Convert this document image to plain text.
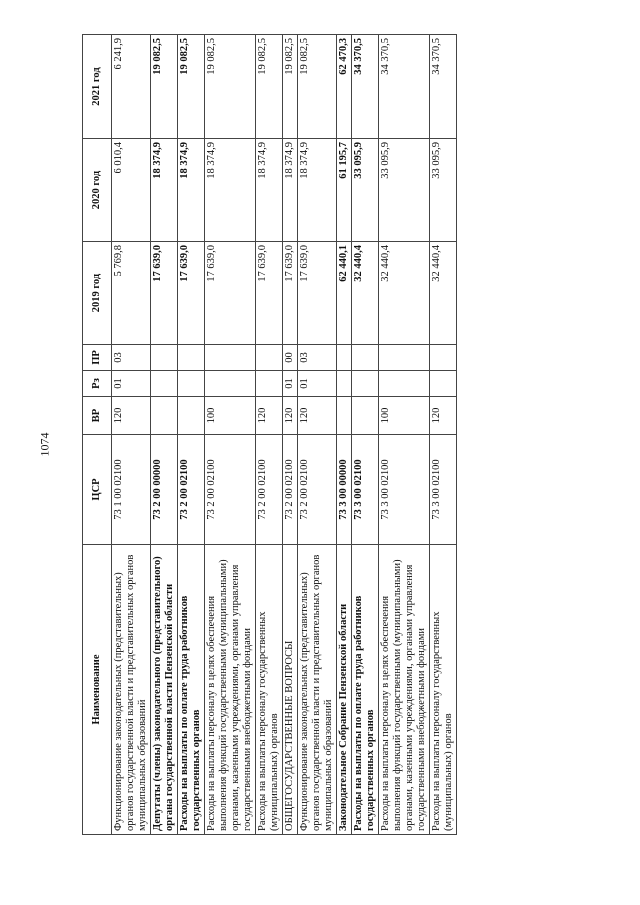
1074
Наименование	ЦСР	ВР	Рз	ПР	2019 год	2020 год	2021 год
Функционирование законодательных (представительных) органов государственной власти и представительных органов муниципальных образований	73 1 00 02100	120	01	03	5 769,8	6 010,4	6 241,9
Депутаты (члены) законодательного (представительного) органа государственной власти Пензенской области	73 2 00 00000				17 639,0	18 374,9	19 082,5
Расходы на выплаты по оплате труда работников государственных органов	73 2 00 02100				17 639,0	18 374,9	19 082,5
Расходы на выплаты персоналу в целях обеспечения выполнения функций государственными (муниципальными) органами, казенными учреждениями, органами управления государственными внебюджетными фондами	73 2 00 02100	100			17 639,0	18 374,9	19 082,5
Расходы на выплаты персоналу государственных (муниципальных) органов	73 2 00 02100	120			17 639,0	18 374,9	19 082,5
ОБЩЕГОСУДАРСТВЕННЫЕ ВОПРОСЫ	73 2 00 02100	120	01	00	17 639,0	18 374,9	19 082,5
Функционирование законодательных (представительных) органов государственной власти и представительных органов муниципальных образований	73 2 00 02100	120	01	03	17 639,0	18 374,9	19 082,5
Законодательное Собрание Пензенской области	73 3 00 00000				62 440,1	61 195,7	62 470,3
Расходы на выплаты по оплате труда работников государственных органов	73 3 00 02100				32 440,4	33 095,9	34 370,5
Расходы на выплаты персоналу в целях обеспечения выполнения функций государственными (муниципальными) органами, казенными учреждениями, органами управления государственными внебюджетными фондами	73 3 00 02100	100			32 440,4	33 095,9	34 370,5
Расходы на выплаты персоналу государственных (муниципальных) органов	73 3 00 02100	120			32 440,4	33 095,9	34 370,5
